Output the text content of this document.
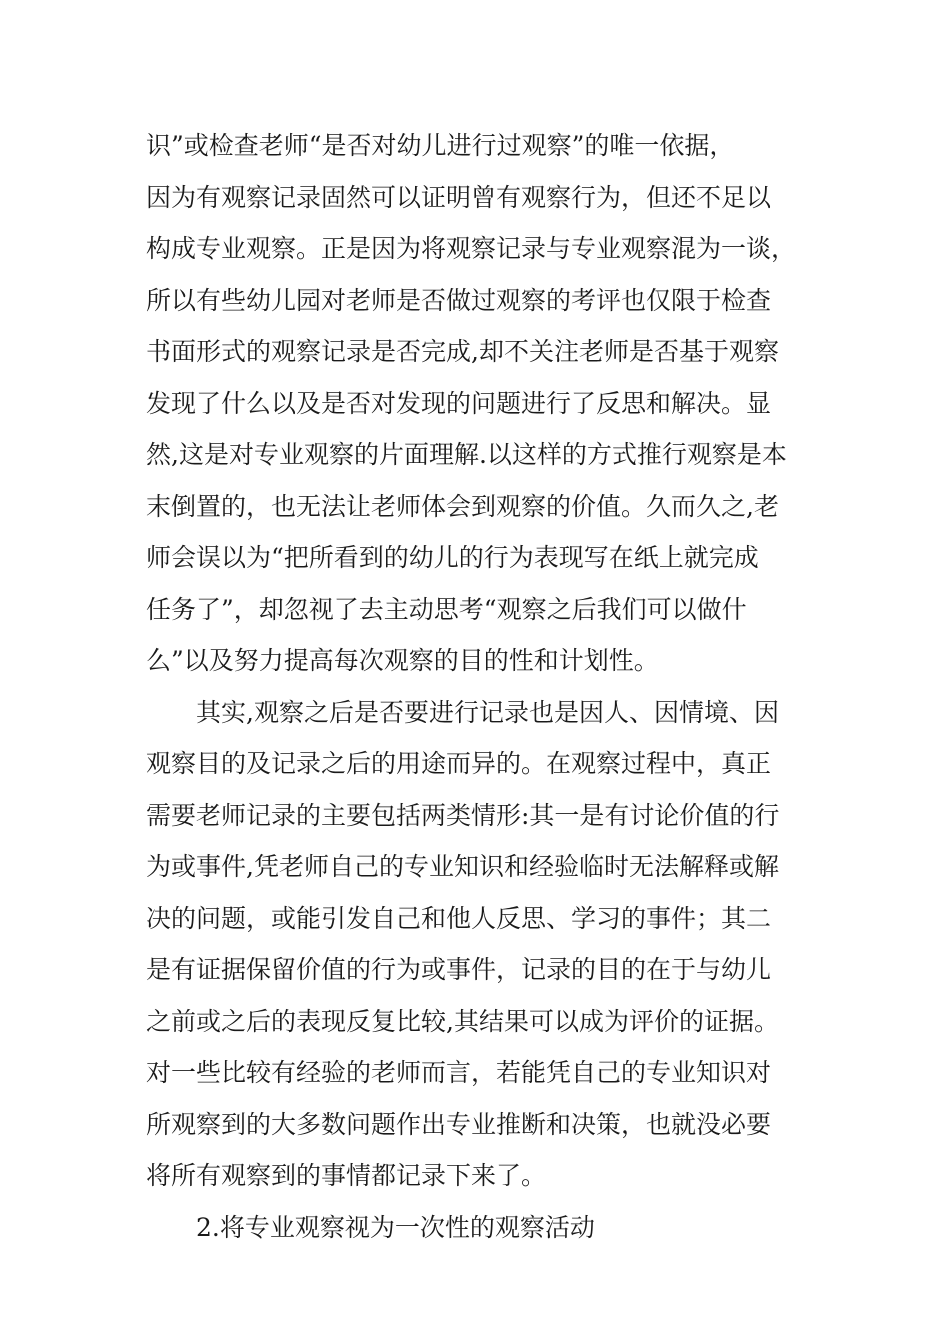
识”或检查老师“是否对幼儿进行过观察”的唯一依据，
因为有观察记录固然可以证明曾有观察行为，但还不足以
构成专业观察。正是因为将观察记录与专业观察混为一谈，
所以有些幼儿园对老师是否做过观察的考评也仅限于检查
书面形式的观察记录是否完成,却不关注老师是否基于观察
发现了什么以及是否对发现的问题进行了反思和解决。显
然,这是对专业观察的片面理解.以这样的方式推行观察是本
末倒置的，也无法让老师体会到观察的价值。久而久之,老
师会误以为“把所看到的幼儿的行为表现写在纸上就完成
任务了”，却忽视了去主动思考“观察之后我们可以做什
么”以及努力提高每次观察的目的性和计划性。
其实,观察之后是否要进行记录也是因人、因情境、因
观察目的及记录之后的用途而异的。在观察过程中，真正
需要老师记录的主要包括两类情形:其一是有讨论价值的行
为或事件,凭老师自己的专业知识和经验临时无法解释或解
决的问题，或能引发自己和他人反思、学习的事件；其二
是有证据保留价值的行为或事件，记录的目的在于与幼儿
之前或之后的表现反复比较,其结果可以成为评价的证据。
对一些比较有经验的老师而言，若能凭自己的专业知识对
所观察到的大多数问题作出专业推断和决策，也就没必要
将所有观察到的事情都记录下来了。
2.将专业观察视为一次性的观察活动
